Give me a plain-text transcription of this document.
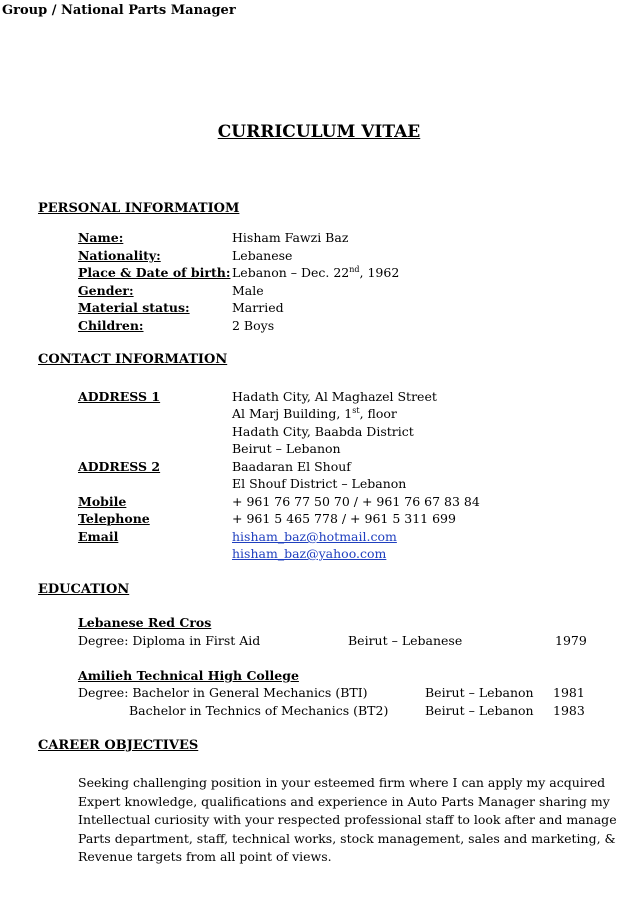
Group / National Parts Manager
CURRICULUM VITAE
PERSONAL INFORMATIOM
Name:	Hisham Fawzi Baz
Nationality:	Lebanese
Place & Date of birth: Lebanon – Dec. 22nd, 1962
Gender:	Male
Material status:	Married
Children:	2 Boys
CONTACT INFORMATION
ADDRESS 1	Hadath City, Al Maghazel Street
Al Marj Building, 1st, floor
Hadath City, Baabda District
Beirut – Lebanon
ADDRESS 2	Baadaran El Shouf
El Shouf District – Lebanon
Mobile	+ 961 76 77 50 70 / + 961 76 67 83 84
Telephone	+ 961 5 465 778 / + 961 5 311 699
Email	hisham_baz@hotmail.com
hisham_baz@yahoo.com
EDUCATION
Lebanese Red Cros
Degree: Diploma in First Aid	Beirut – Lebanese	1979
Amilieh Technical High College
Degree: Bachelor in General Mechanics (BTI)	Beirut – Lebanon 1981
Bachelor in Technics of Mechanics (BT2)	Beirut – Lebanon 1983
CAREER OBJECTIVES
Seeking challenging position in your esteemed firm where I can apply my acquired
Expert knowledge, qualifications and experience in Auto Parts Manager sharing my
Intellectual curiosity with your respected professional staff to look after and manage
Parts department, staff, technical works, stock management, sales and marketing, &
Revenue targets from all point of views.
